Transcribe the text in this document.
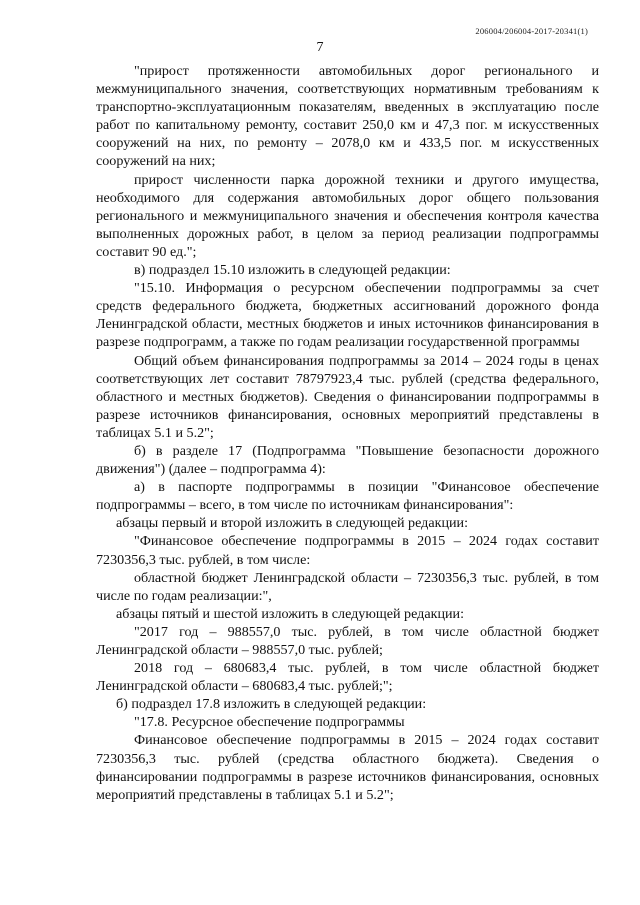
206004/206004-2017-20341(1)
7

"прирост протяженности автомобильных дорог регионального и межмуниципального значения, соответствующих нормативным требованиям к транспортно-эксплуатационным показателям, введенных в эксплуатацию после работ по капитальному ремонту, составит 250,0 км и 47,3 пог. м искусственных сооружений на них, по ремонту – 2078,0 км и 433,5 пог. м искусственных сооружений на них;

прирост численности парка дорожной техники и другого имущества, необходимого для содержания автомобильных дорог общего пользования регионального и межмуниципального значения и обеспечения контроля качества выполненных дорожных работ, в целом за период реализации подпрограммы составит 90 ед.";

в) подраздел 15.10 изложить в следующей редакции:

"15.10. Информация о ресурсном обеспечении подпрограммы за счет средств федерального бюджета, бюджетных ассигнований дорожного фонда Ленинградской области, местных бюджетов и иных источников финансирования в разрезе подпрограмм, а также по годам реализации государственной программы

Общий объем финансирования подпрограммы за 2014 – 2024 годы в ценах соответствующих лет составит 78797923,4 тыс. рублей (средства федерального, областного и местных бюджетов). Сведения о финансировании подпрограммы в разрезе источников финансирования, основных мероприятий представлены в таблицах 5.1 и 5.2";

б) в разделе 17 (Подпрограмма "Повышение безопасности дорожного движения") (далее – подпрограмма 4):

а) в паспорте подпрограммы в позиции "Финансовое обеспечение подпрограммы – всего, в том числе по источникам финансирования":

абзацы первый и второй изложить в следующей редакции:

"Финансовое обеспечение подпрограммы в 2015 – 2024 годах составит 7230356,3 тыс. рублей, в том числе:

областной бюджет Ленинградской области – 7230356,3 тыс. рублей, в том числе по годам реализации:",

абзацы пятый и шестой изложить в следующей редакции:

"2017 год – 988557,0 тыс. рублей, в том числе областной бюджет Ленинградской области – 988557,0 тыс. рублей;

2018 год – 680683,4 тыс. рублей, в том числе областной бюджет Ленинградской области – 680683,4 тыс. рублей;";

б) подраздел 17.8 изложить в следующей редакции:

"17.8. Ресурсное обеспечение подпрограммы

Финансовое обеспечение подпрограммы в 2015 – 2024 годах составит 7230356,3 тыс. рублей (средства областного бюджета). Сведения о финансировании подпрограммы в разрезе источников финансирования, основных мероприятий представлены в таблицах 5.1 и 5.2";
